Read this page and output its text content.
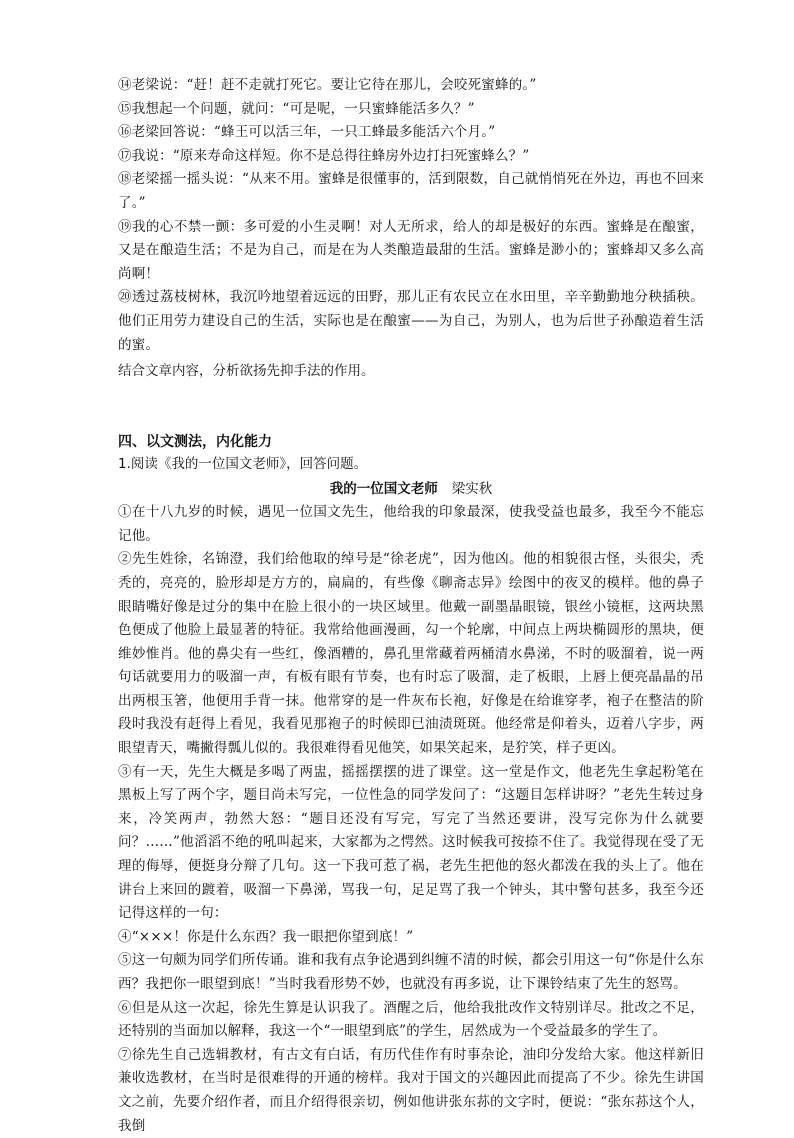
⑭老梁说：“赶！赶不走就打死它。要让它待在那儿，会咬死蜜蜂的。”

⑮我想起一个问题，就问：“可是呢，一只蜜蜂能活多久？”

⑯老梁回答说：“蜂王可以活三年，一只工蜂最多能活六个月。”

⑰我说：“原来寿命这样短。你不是总得往蜂房外边打扫死蜜蜂么？”

⑱老梁摇一摇头说：“从来不用。蜜蜂是很懂事的，活到限数，自己就悄悄死在外边，再也不回来了。”

⑲我的心不禁一颤：多可爱的小生灵啊！对人无所求，给人的却是极好的东西。蜜蜂是在酿蜜，又是在酿造生活；不是为自己，而是在为人类酿造最甜的生活。蜜蜂是渺小的；蜜蜂却又多么高尚啊！

⑳透过荔枝树林，我沉吟地望着远远的田野，那儿正有农民立在水田里，辛辛勤勤地分秧插秧。他们正用劳力建设自己的生活，实际也是在酿蜜——为自己，为别人，也为后世子孙酿造着生活的蜜。

结合文章内容，分析欲扬先抑手法的作用。

四、以文测法，内化能力

1.阅读《我的一位国文老师》，回答问题。

我的一位国文老师 梁实秋

①在十八九岁的时候，遇见一位国文先生，他给我的印象最深，使我受益也最多，我至今不能忘记他。

②先生姓徐，名锦澄，我们给他取的绰号是“徐老虎”，因为他凶。他的相貌很古怪，头很尖，秃秃的，亮亮的，脸形却是方方的，扁扁的，有些像《聊斋志异》绘图中的夜叉的模样。他的鼻子眼睛嘴好像是过分的集中在脸上很小的一块区域里。他戴一副墨晶眼镜，银丝小镜框，这两块黑色便成了他脸上最显著的特征。我常给他画漫画，勾一个轮廓，中间点上两块椭圆形的黑块，便维妙惟肖。他的鼻尖有一些红，像酒糟的，鼻孔里常藏着两桶清水鼻涕，不时的吸溜着，说一两句话就要用力的吸溜一声，有板有眼有节奏，也有时忘了吸溜，走了板眼，上唇上便亮晶晶的吊出两根玉箸，他便用手背一抹。他常穿的是一件灰布长袍，好像是在给谁穿孝，袍子在整洁的阶段时我没有赶得上看见，我看见那袍子的时候即已油渍斑斑。他经常是仰着头，迈着八字步，两眼望青天，嘴撇得瓢儿似的。我很难得看见他笑，如果笑起来，是狞笑，样子更凶。

③有一天，先生大概是多喝了两盅，摇摇摆摆的进了课堂。这一堂是作文，他老先生拿起粉笔在黑板上写了两个字，题目尚未写完，一位性急的同学发问了：“这题目怎样讲呀？”老先生转过身来，冷笑两声，勃然大怒：“题目还没有写完，写完了当然还要讲，没写完你为什么就要问？……”他滔滔不绝的吼叫起来，大家都为之愕然。这时候我可按捺不住了。我觉得现在受了无理的侮辱，便挺身分辩了几句。这一下我可惹了祸，老先生把他的怒火都泼在我的头上了。他在讲台上来回的踱着，吸溜一下鼻涕，骂我一句，足足骂了我一个钟头，其中警句甚多，我至今还记得这样的一句：

④“×××！你是什么东西？我一眼把你望到底！”

⑤这一句颇为同学们所传诵。谁和我有点争论遇到纠缠不清的时候，都会引用这一句“你是什么东西？我把你一眼望到底！”当时我看形势不妙，也就没有再多说，让下课铃结束了先生的怒骂。

⑥但是从这一次起，徐先生算是认识我了。酒醒之后，他给我批改作文特别详尽。批改之不足，还特别的当面加以解释，我这一个“一眼望到底”的学生，居然成为一个受益最多的学生了。

⑦徐先生自己选辑教材，有古文有白话，有历代佳作有时事杂论，油印分发给大家。他这样新旧兼收选教材，在当时是很难得的开通的榜样。我对于国文的兴趣因此而提高了不少。徐先生讲国文之前，先要介绍作者，而且介绍得很亲切，例如他讲张东荪的文字时，便说：“张东荪这个人，我倒
